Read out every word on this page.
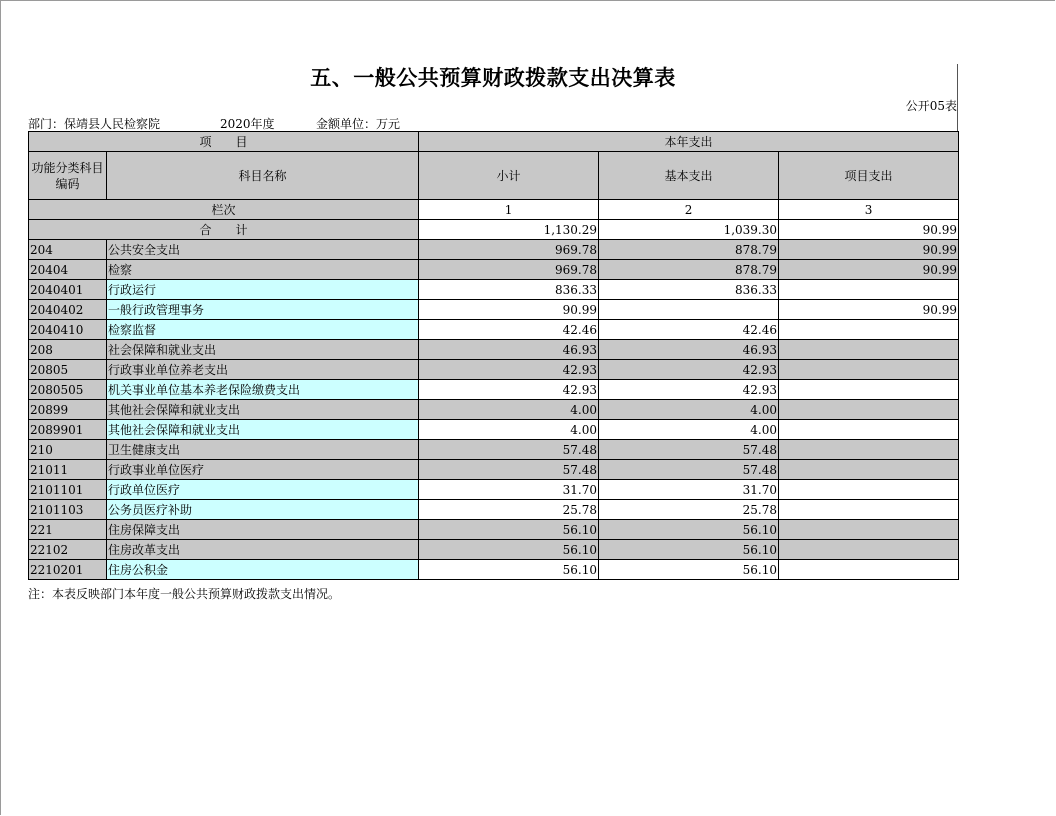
五、一般公共预算财政拨款支出决算表
公开05表
部门：保靖县人民检察院	2020年度	金额单位：万元
项　　目		本年支出		
功能分类科目编码	科目名称	小计	基本支出	项目支出
栏次		1	2	3
合　　计		1,130.29	1,039.30	90.99
204	公共安全支出	969.78	878.79	90.99
20404	检察	969.78	878.79	90.99
2040401	行政运行	836.33	836.33	
2040402	一般行政管理事务	90.99		90.99
2040410	检察监督	42.46	42.46	
208	社会保障和就业支出	46.93	46.93	
20805	行政事业单位养老支出	42.93	42.93	
2080505	机关事业单位基本养老保险缴费支出	42.93	42.93	
20899	其他社会保障和就业支出	4.00	4.00	
2089901	其他社会保障和就业支出	4.00	4.00	
210	卫生健康支出	57.48	57.48	
21011	行政事业单位医疗	57.48	57.48	
2101101	行政单位医疗	31.70	31.70	
2101103	公务员医疗补助	25.78	25.78	
221	住房保障支出	56.10	56.10	
22102	住房改革支出	56.10	56.10	
2210201	住房公积金	56.10	56.10	
注：本表反映部门本年度一般公共预算财政拨款支出情况。
